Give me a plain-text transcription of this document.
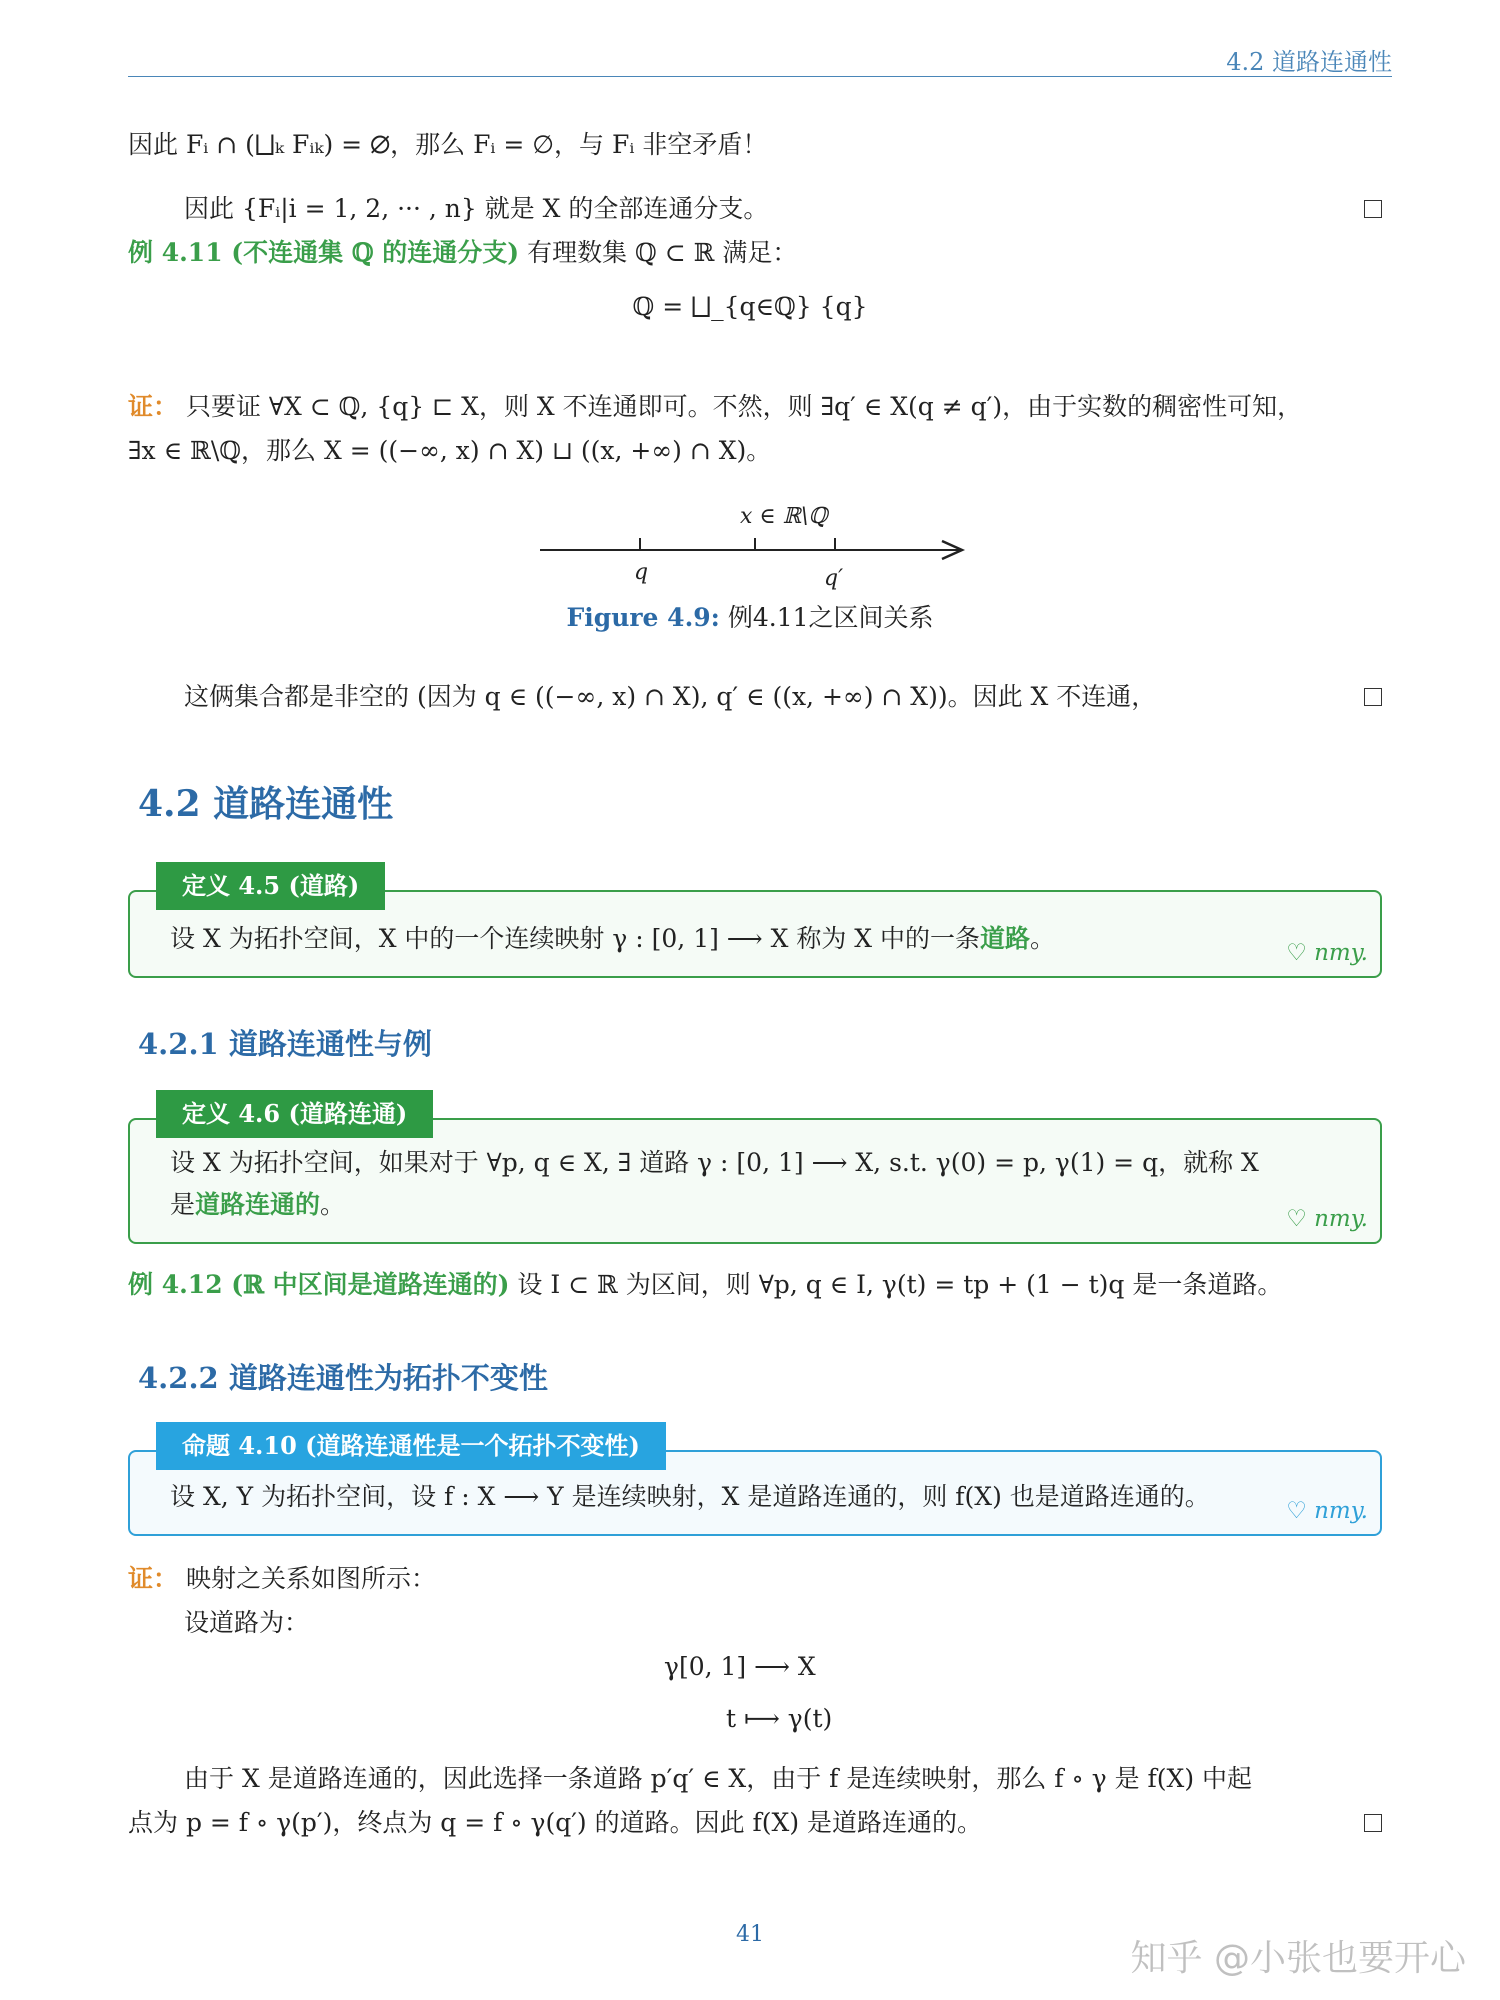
4.2 道路连通性
因此 Fᵢ ∩ (⨆ₖ Fᵢₖ) = ∅，那么 Fᵢ = ∅，与 Fᵢ 非空矛盾！
因此 {Fᵢ|i = 1, 2, ··· , n} 就是 X 的全部连通分支。
例 4.11 (不连通集 ℚ 的连通分支) 有理数集 ℚ ⊂ ℝ 满足：
ℚ = ⨆_{q∈ℚ} {q}
证： 只要证 ∀X ⊂ ℚ, {q} ⊏ X，则 X 不连通即可。不然，则 ∃q′ ∈ X(q ≠ q′)，由于实数的稠密性可知，
∃x ∈ ℝ\ℚ，那么 X = ((−∞, x) ∩ X) ⊔ ((x, +∞) ∩ X)。
x ∈ ℝ\ℚ
q	q′
Figure 4.9: 例4.11之区间关系
这俩集合都是非空的 (因为 q ∈ ((−∞, x) ∩ X), q′ ∈ ((x, +∞) ∩ X))。因此 X 不连通，
4.2 道路连通性
设 X 为拓扑空间，X 中的一个连续映射 γ : [0, 1] ⟶ X 称为 X 中的一条道路。	♡ nmy.
定义 4.5 (道路)
4.2.1 道路连通性与例
设 X 为拓扑空间，如果对于 ∀p, q ∈ X, ∃ 道路 γ : [0, 1] ⟶ X, s.t. γ(0) = p, γ(1) = q，就称 X
是道路连通的。	♡ nmy.
定义 4.6 (道路连通)
例 4.12 (ℝ 中区间是道路连通的) 设 I ⊂ ℝ 为区间，则 ∀p, q ∈ I, γ(t) = tp + (1 − t)q 是一条道路。
4.2.2 道路连通性为拓扑不变性
设 X, Y 为拓扑空间，设 f : X ⟶ Y 是连续映射，X 是道路连通的，则 f(X) 也是道路连通的。	♡ nmy.
命题 4.10 (道路连通性是一个拓扑不变性)
证： 映射之关系如图所示：
设道路为：
γ[0, 1] ⟶ X
t ⟼ γ(t)
由于 X 是道路连通的，因此选择一条道路 p′q′ ∈ X，由于 f 是连续映射，那么 f ∘ γ 是 f(X) 中起
点为 p = f ∘ γ(p′)，终点为 q = f ∘ γ(q′) 的道路。因此 f(X) 是道路连通的。
41
知乎 @小张也要开心
